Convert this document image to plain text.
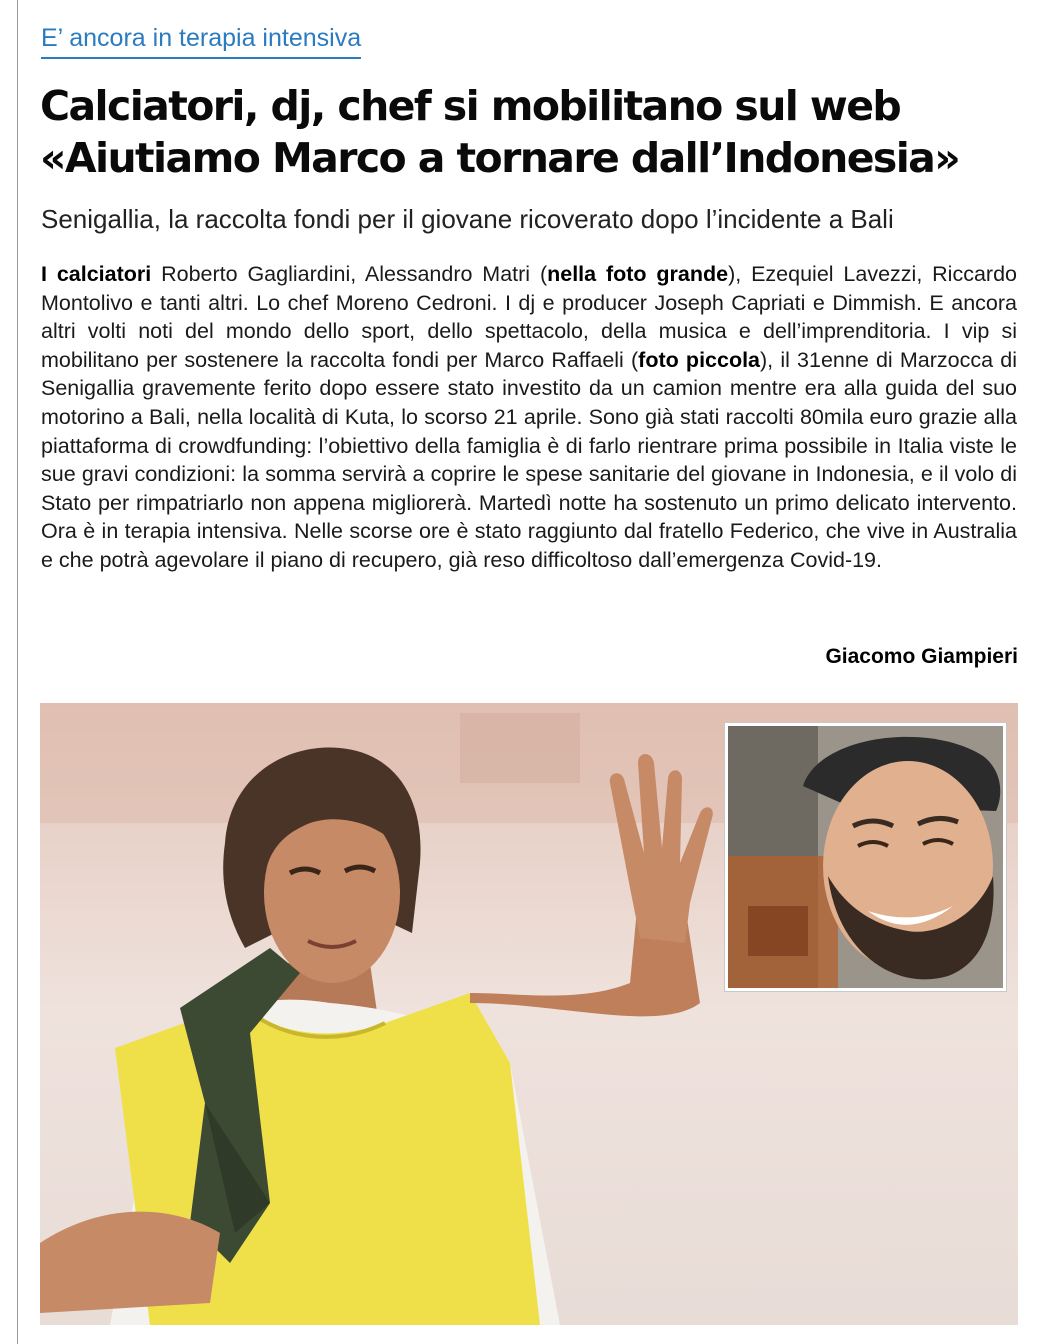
E’ ancora in terapia intensiva
Calciatori, dj, chef si mobilitano sul web
«Aiutiamo Marco a tornare dall’Indonesia»

Senigallia, la raccolta fondi per il giovane ricoverato dopo l’incidente a Bali

I calciatori Roberto Gagliardini, Alessandro Matri (nella foto grande), Ezequiel Lavezzi, Riccardo Montolivo e tanti altri. Lo chef Moreno Cedroni. I dj e producer Joseph Capriati e Dimmish. E ancora altri volti noti del mondo dello sport, dello spettacolo, della musica e dell’imprenditoria. I vip si mobilitano per sostenere la raccolta fondi per Marco Raffaeli (foto piccola), il 31enne di Marzocca di Senigallia gravemente ferito dopo essere stato investito da un camion mentre era alla guida del suo motorino a Bali, nella località di Kuta, lo scorso 21 aprile. Sono già stati raccolti 80mila euro grazie alla piattaforma di crowdfunding: l’obiettivo della famiglia è di farlo rientrare prima possibile in Italia viste le sue gravi condizioni: la somma servirà a coprire le spese sanitarie del giovane in Indonesia, e il volo di Stato per rimpatriarlo non appena migliorerà. Martedì notte ha sostenuto un primo delicato intervento. Ora è in terapia intensiva. Nelle scorse ore è stato raggiunto dal fratello Federico, che vive in Australia e che potrà agevolare il piano di recupero, già reso difficoltoso dall’emergenza Covid-19.

Giacomo Giampieri
